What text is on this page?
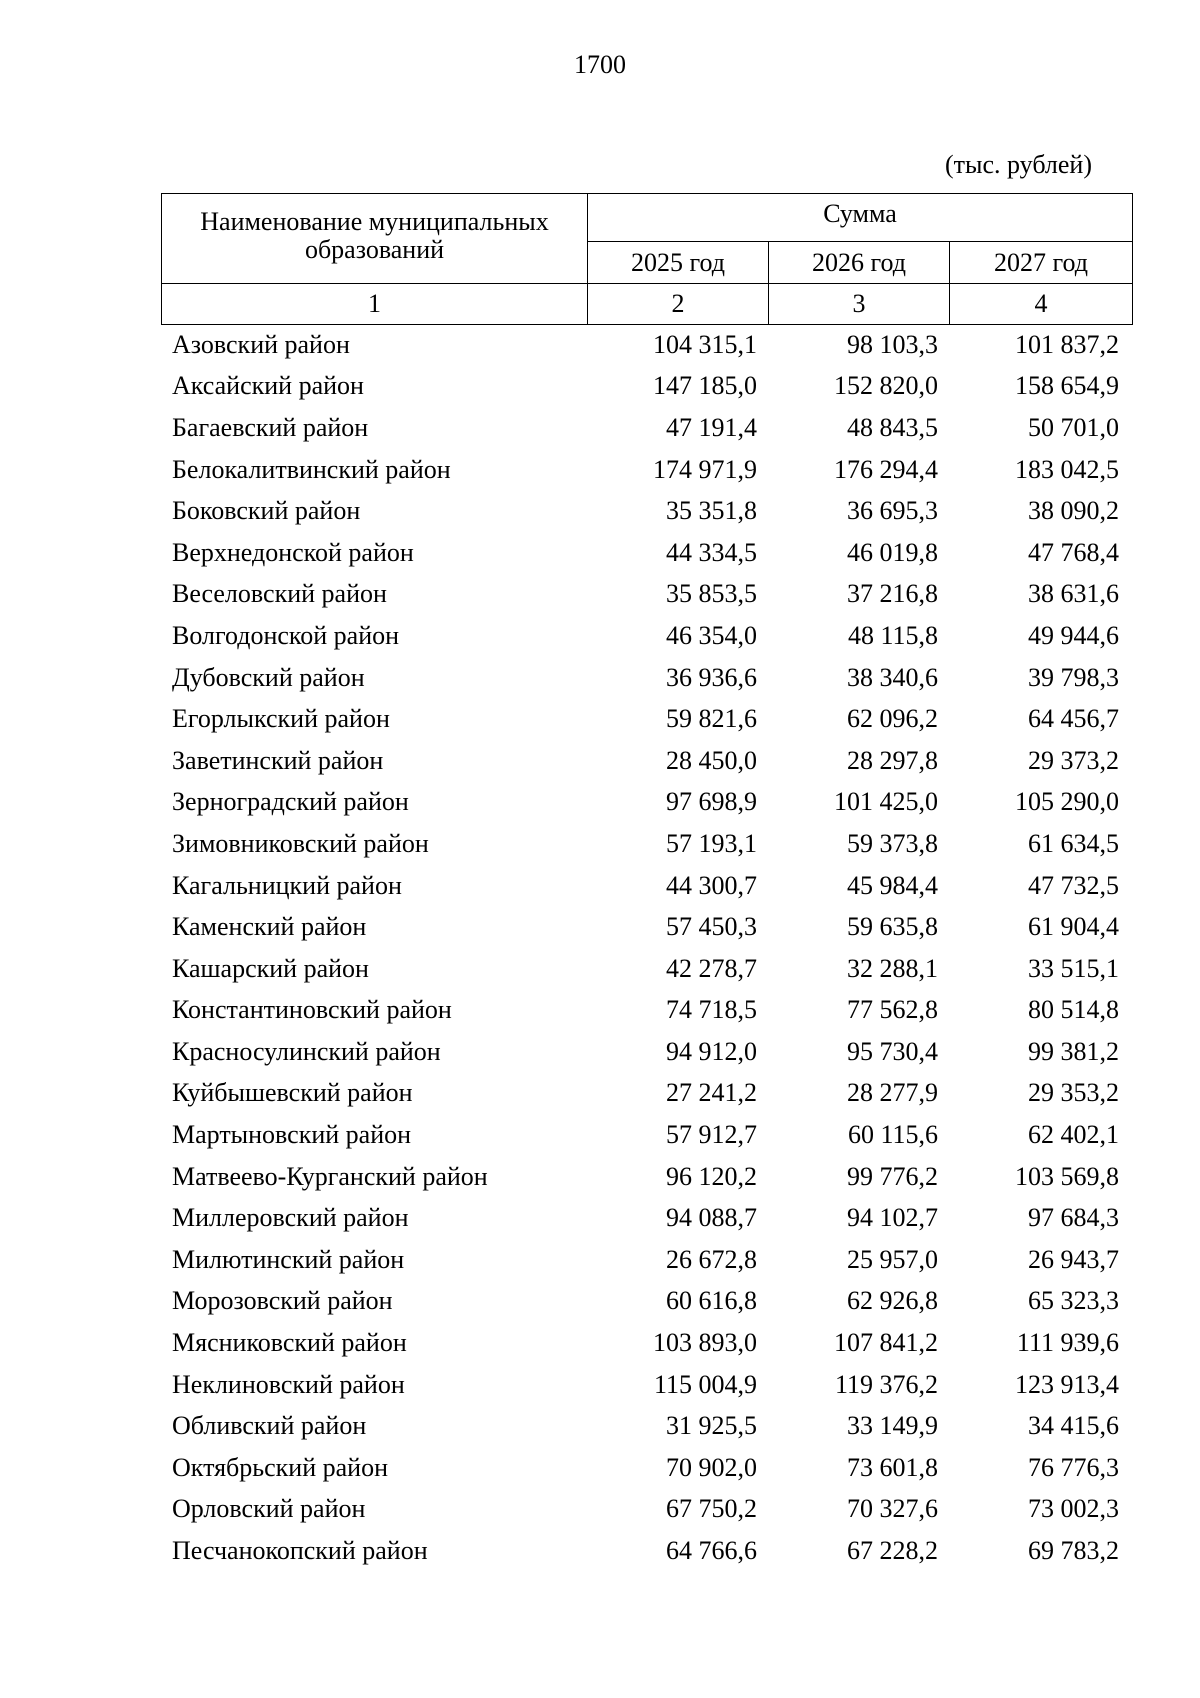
1700
(тыс. рублей)
Наименование муниципальных образований	Сумма		
	2025 год	2026 год	2027 год
1	2	3	4
Азовский район	104 315,1	98 103,3	101 837,2
Аксайский район	147 185,0	152 820,0	158 654,9
Багаевский район	47 191,4	48 843,5	50 701,0
Белокалитвинский район	174 971,9	176 294,4	183 042,5
Боковский район	35 351,8	36 695,3	38 090,2
Верхнедонской район	44 334,5	46 019,8	47 768,4
Веселовский район	35 853,5	37 216,8	38 631,6
Волгодонской район	46 354,0	48 115,8	49 944,6
Дубовский район	36 936,6	38 340,6	39 798,3
Егорлыкский район	59 821,6	62 096,2	64 456,7
Заветинский район	28 450,0	28 297,8	29 373,2
Зерноградский район	97 698,9	101 425,0	105 290,0
Зимовниковский район	57 193,1	59 373,8	61 634,5
Кагальницкий район	44 300,7	45 984,4	47 732,5
Каменский район	57 450,3	59 635,8	61 904,4
Кашарский район	42 278,7	32 288,1	33 515,1
Константиновский район	74 718,5	77 562,8	80 514,8
Красносулинский район	94 912,0	95 730,4	99 381,2
Куйбышевский район	27 241,2	28 277,9	29 353,2
Мартыновский район	57 912,7	60 115,6	62 402,1
Матвеево-Курганский район	96 120,2	99 776,2	103 569,8
Миллеровский район	94 088,7	94 102,7	97 684,3
Милютинский район	26 672,8	25 957,0	26 943,7
Морозовский район	60 616,8	62 926,8	65 323,3
Мясниковский район	103 893,0	107 841,2	111 939,6
Неклиновский район	115 004,9	119 376,2	123 913,4
Обливский район	31 925,5	33 149,9	34 415,6
Октябрьский район	70 902,0	73 601,8	76 776,3
Орловский район	67 750,2	70 327,6	73 002,3
Песчанокопский район	64 766,6	67 228,2	69 783,2
